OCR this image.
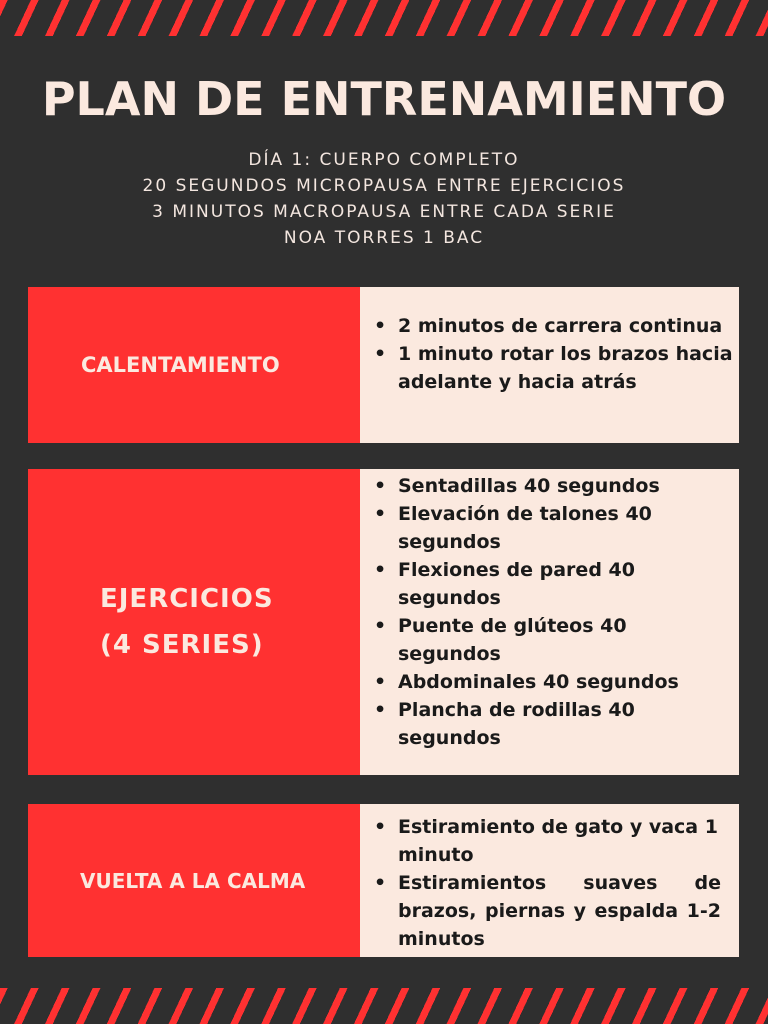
PLAN DE ENTRENAMIENTO
DÍA 1: CUERPO COMPLETO
20 SEGUNDOS MICROPAUSA ENTRE EJERCICIOS
3 MINUTOS MACROPAUSA ENTRE CADA SERIE
NOA TORRES 1 BAC
CALENTAMIENTO
• 2 minutos de carrera continua
• 1 minuto rotar los brazos hacia adelante y hacia atrás
EJERCICIOS
(4 SERIES)
• Sentadillas 40 segundos
• Elevación de talones 40 segundos
• Flexiones de pared 40 segundos
• Puente de glúteos 40 segundos
• Abdominales 40 segundos
• Plancha de rodillas 40 segundos
VUELTA A LA CALMA
• Estiramiento de gato y vaca 1 minuto
• Estiramientos suaves de brazos, piernas y espalda 1-2 minutos
